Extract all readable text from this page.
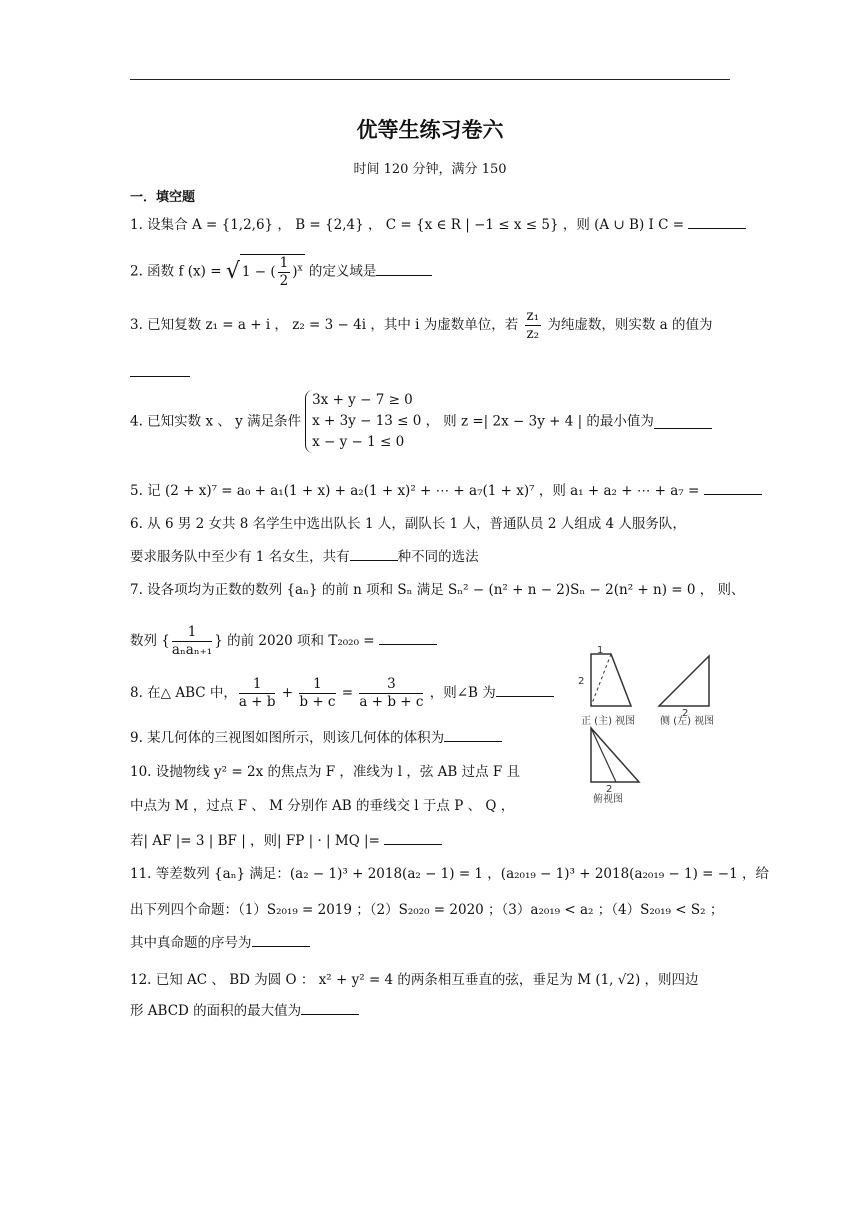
优等生练习卷六
时间 120 分钟，满分 150
一．填空题
1. 设集合 A = {1,2,6} ， B = {2,4} ， C = {x ∈ R | −1 ≤ x ≤ 5} ，则 (A ∪ B) I C =
2. 函数 f (x) = √ 1 − ( $\frac{1}{2} )^x$ 的定义域是
3. 已知复数 z₁ = a + i ， z₂ = 3 − 4i ，其中 i 为虚数单位，若 $\frac{\text{z₁}}{\text{z₂}}$ 为纯虚数，则实数 a 的值为
4. 已知实数 x 、 y 满足条件
3x + y − 7 ≥ 0
x + 3y − 13 ≤ 0 ，
x − y − 1 ≤ 0
则 z =| 2x − 3y + 4 | 的最小值为
5. 记 (2 + x)⁷ = a₀ + a₁(1 + x) + a₂(1 + x)² + ⋯ + a₇(1 + x)⁷ ，则 a₁ + a₂ + ⋯ + a₇ =
6. 从 6 男 2 女共 8 名学生中选出队长 1 人，副队长 1 人，普通队员 2 人组成 4 人服务队，
要求服务队中至少有 1 名女生，共有	种不同的选法
7. 设各项均为正数的数列 {aₙ} 的前 n 项和 Sₙ 满足 Sₙ² − (n² + n − 2)Sₙ − 2(n² + n) = 0 ， 则、
数列 { $\frac{1}{\text{aₙaₙ₊₁}}$ } 的前 2020 项和 T₂₀₂₀ =
8. 在△ ABC 中， $\frac{1}{a + b} + \frac{1}{b + c} = \frac{3}{a + b + c}$ ，则∠B 为
9. 某几何体的三视图如图所示，则该几何体的体积为
10. 设抛物线 y² = 2x 的焦点为 F ，准线为 l ，弦 AB 过点 F 且
中点为 M ，过点 F 、 M 分别作 AB 的垂线交 l 于点 P 、 Q ，
若| AF |= 3 | BF | ，则| FP | · | MQ |=
11. 等差数列 {aₙ} 满足：(a₂ − 1)³ + 2018(a₂ − 1) = 1 ，(a₂₀₁₉ − 1)³ + 2018(a₂₀₁₉ − 1) = −1 ，给
出下列四个命题：（1）S₂₀₁₉ = 2019 ；（2）S₂₀₂₀ = 2020 ；（3）a₂₀₁₉ < a₂ ；（4）S₂₀₁₉ < S₂ ；
其中真命题的序号为
12. 已知 AC 、 BD 为圆 O ： x² + y² = 4 的两条相互垂直的弦，垂足为 M (1, √2) ，则四边
形 ABCD 的面积的最大值为
1
2
2
2
正 (主) 视图 侧 (左) 视图
俯视图
